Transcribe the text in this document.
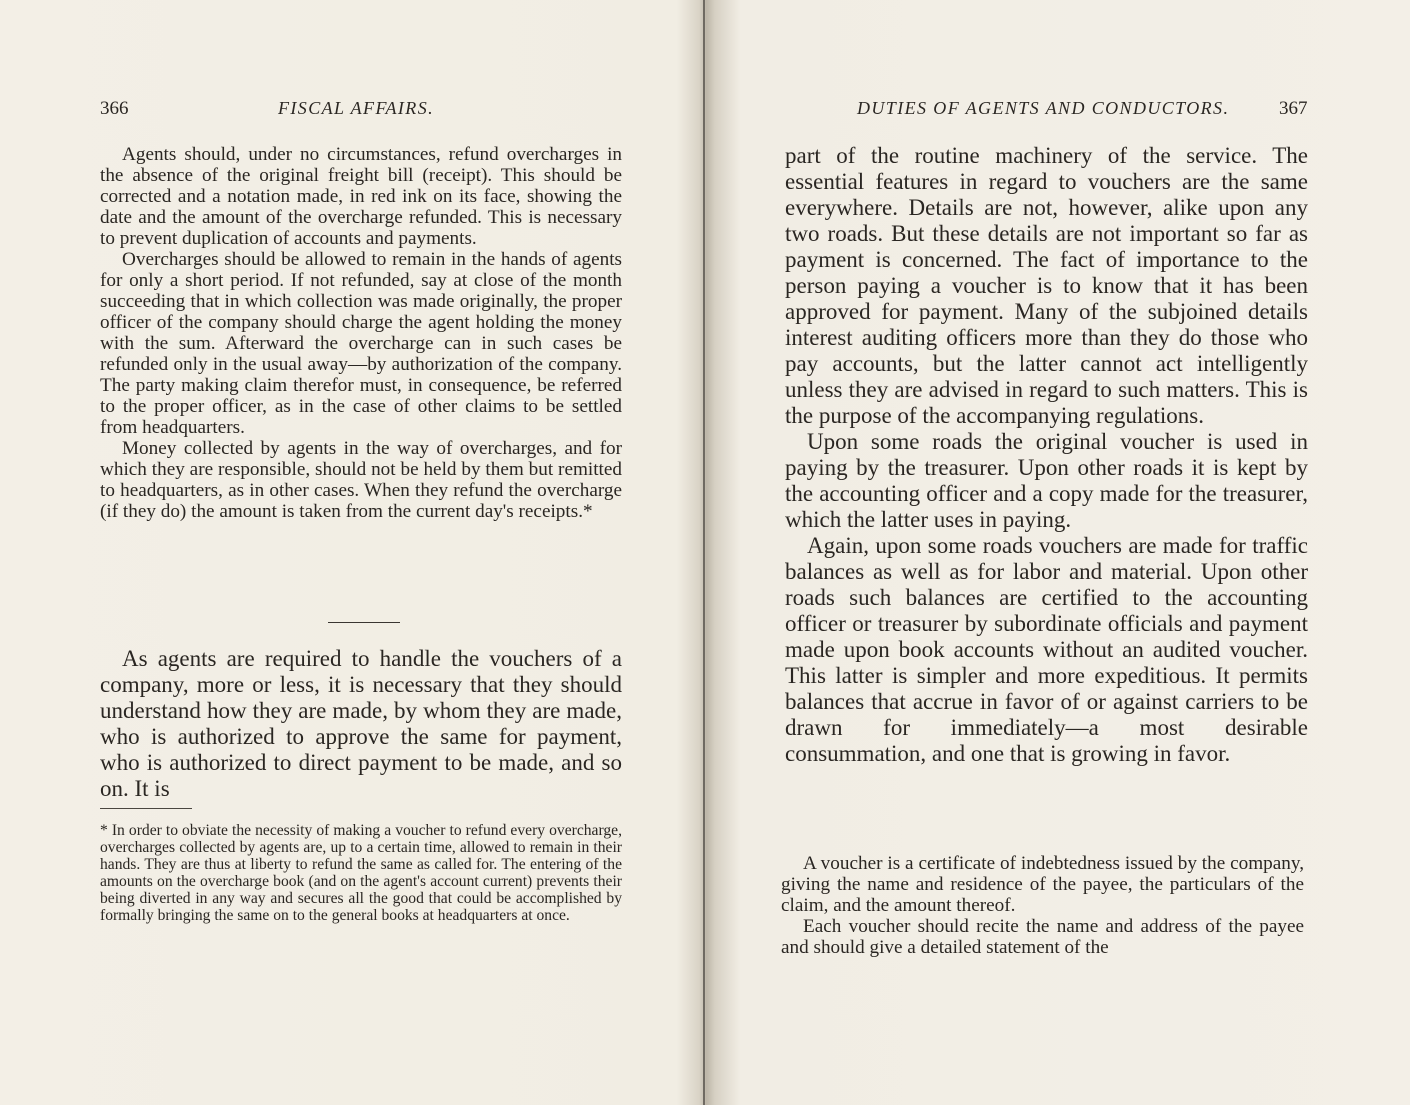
366	FISCAL AFFAIRS.

Agents should, under no circumstances, refund overcharges in the absence of the original freight bill (receipt). This should be corrected and a notation made, in red ink on its face, showing the date and the amount of the overcharge refunded. This is necessary to prevent duplication of accounts and payments.

Overcharges should be allowed to remain in the hands of agents for only a short period. If not refunded, say at close of the month succeeding that in which collection was made originally, the proper officer of the company should charge the agent holding the money with the sum. Afterward the overcharge can in such cases be refunded only in the usual away—by authorization of the company. The party making claim therefor must, in consequence, be referred to the proper officer, as in the case of other claims to be settled from headquarters.

Money collected by agents in the way of overcharges, and for which they are responsible, should not be held by them but remitted to headquarters, as in other cases. When they refund the overcharge (if they do) the amount is taken from the current day's receipts.*

As agents are required to handle the vouchers of a company, more or less, it is necessary that they should understand how they are made, by whom they are made, who is authorized to approve the same for payment, who is authorized to direct payment to be made, and so on. It is

* In order to obviate the necessity of making a voucher to refund every overcharge, overcharges collected by agents are, up to a certain time, allowed to remain in their hands. They are thus at liberty to refund the same as called for. The entering of the amounts on the overcharge book (and on the agent's account current) prevents their being diverted in any way and secures all the good that could be accomplished by formally bringing the same on to the general books at headquarters at once.

DUTIES OF AGENTS AND CONDUCTORS.	367

part of the routine machinery of the service. The essential features in regard to vouchers are the same everywhere. Details are not, however, alike upon any two roads. But these details are not important so far as payment is concerned. The fact of importance to the person paying a voucher is to know that it has been approved for payment. Many of the subjoined details interest auditing officers more than they do those who pay accounts, but the latter cannot act intelligently unless they are advised in regard to such matters. This is the purpose of the accompanying regulations.

Upon some roads the original voucher is used in paying by the treasurer. Upon other roads it is kept by the accounting officer and a copy made for the treasurer, which the latter uses in paying.

Again, upon some roads vouchers are made for traffic balances as well as for labor and material. Upon other roads such balances are certified to the accounting officer or treasurer by subordinate officials and payment made upon book accounts without an audited voucher. This latter is simpler and more expeditious. It permits balances that accrue in favor of or against carriers to be drawn for immediately—a most desirable consummation, and one that is growing in favor.

A voucher is a certificate of indebtedness issued by the company, giving the name and residence of the payee, the particulars of the claim, and the amount thereof.

Each voucher should recite the name and address of the payee and should give a detailed statement of the
